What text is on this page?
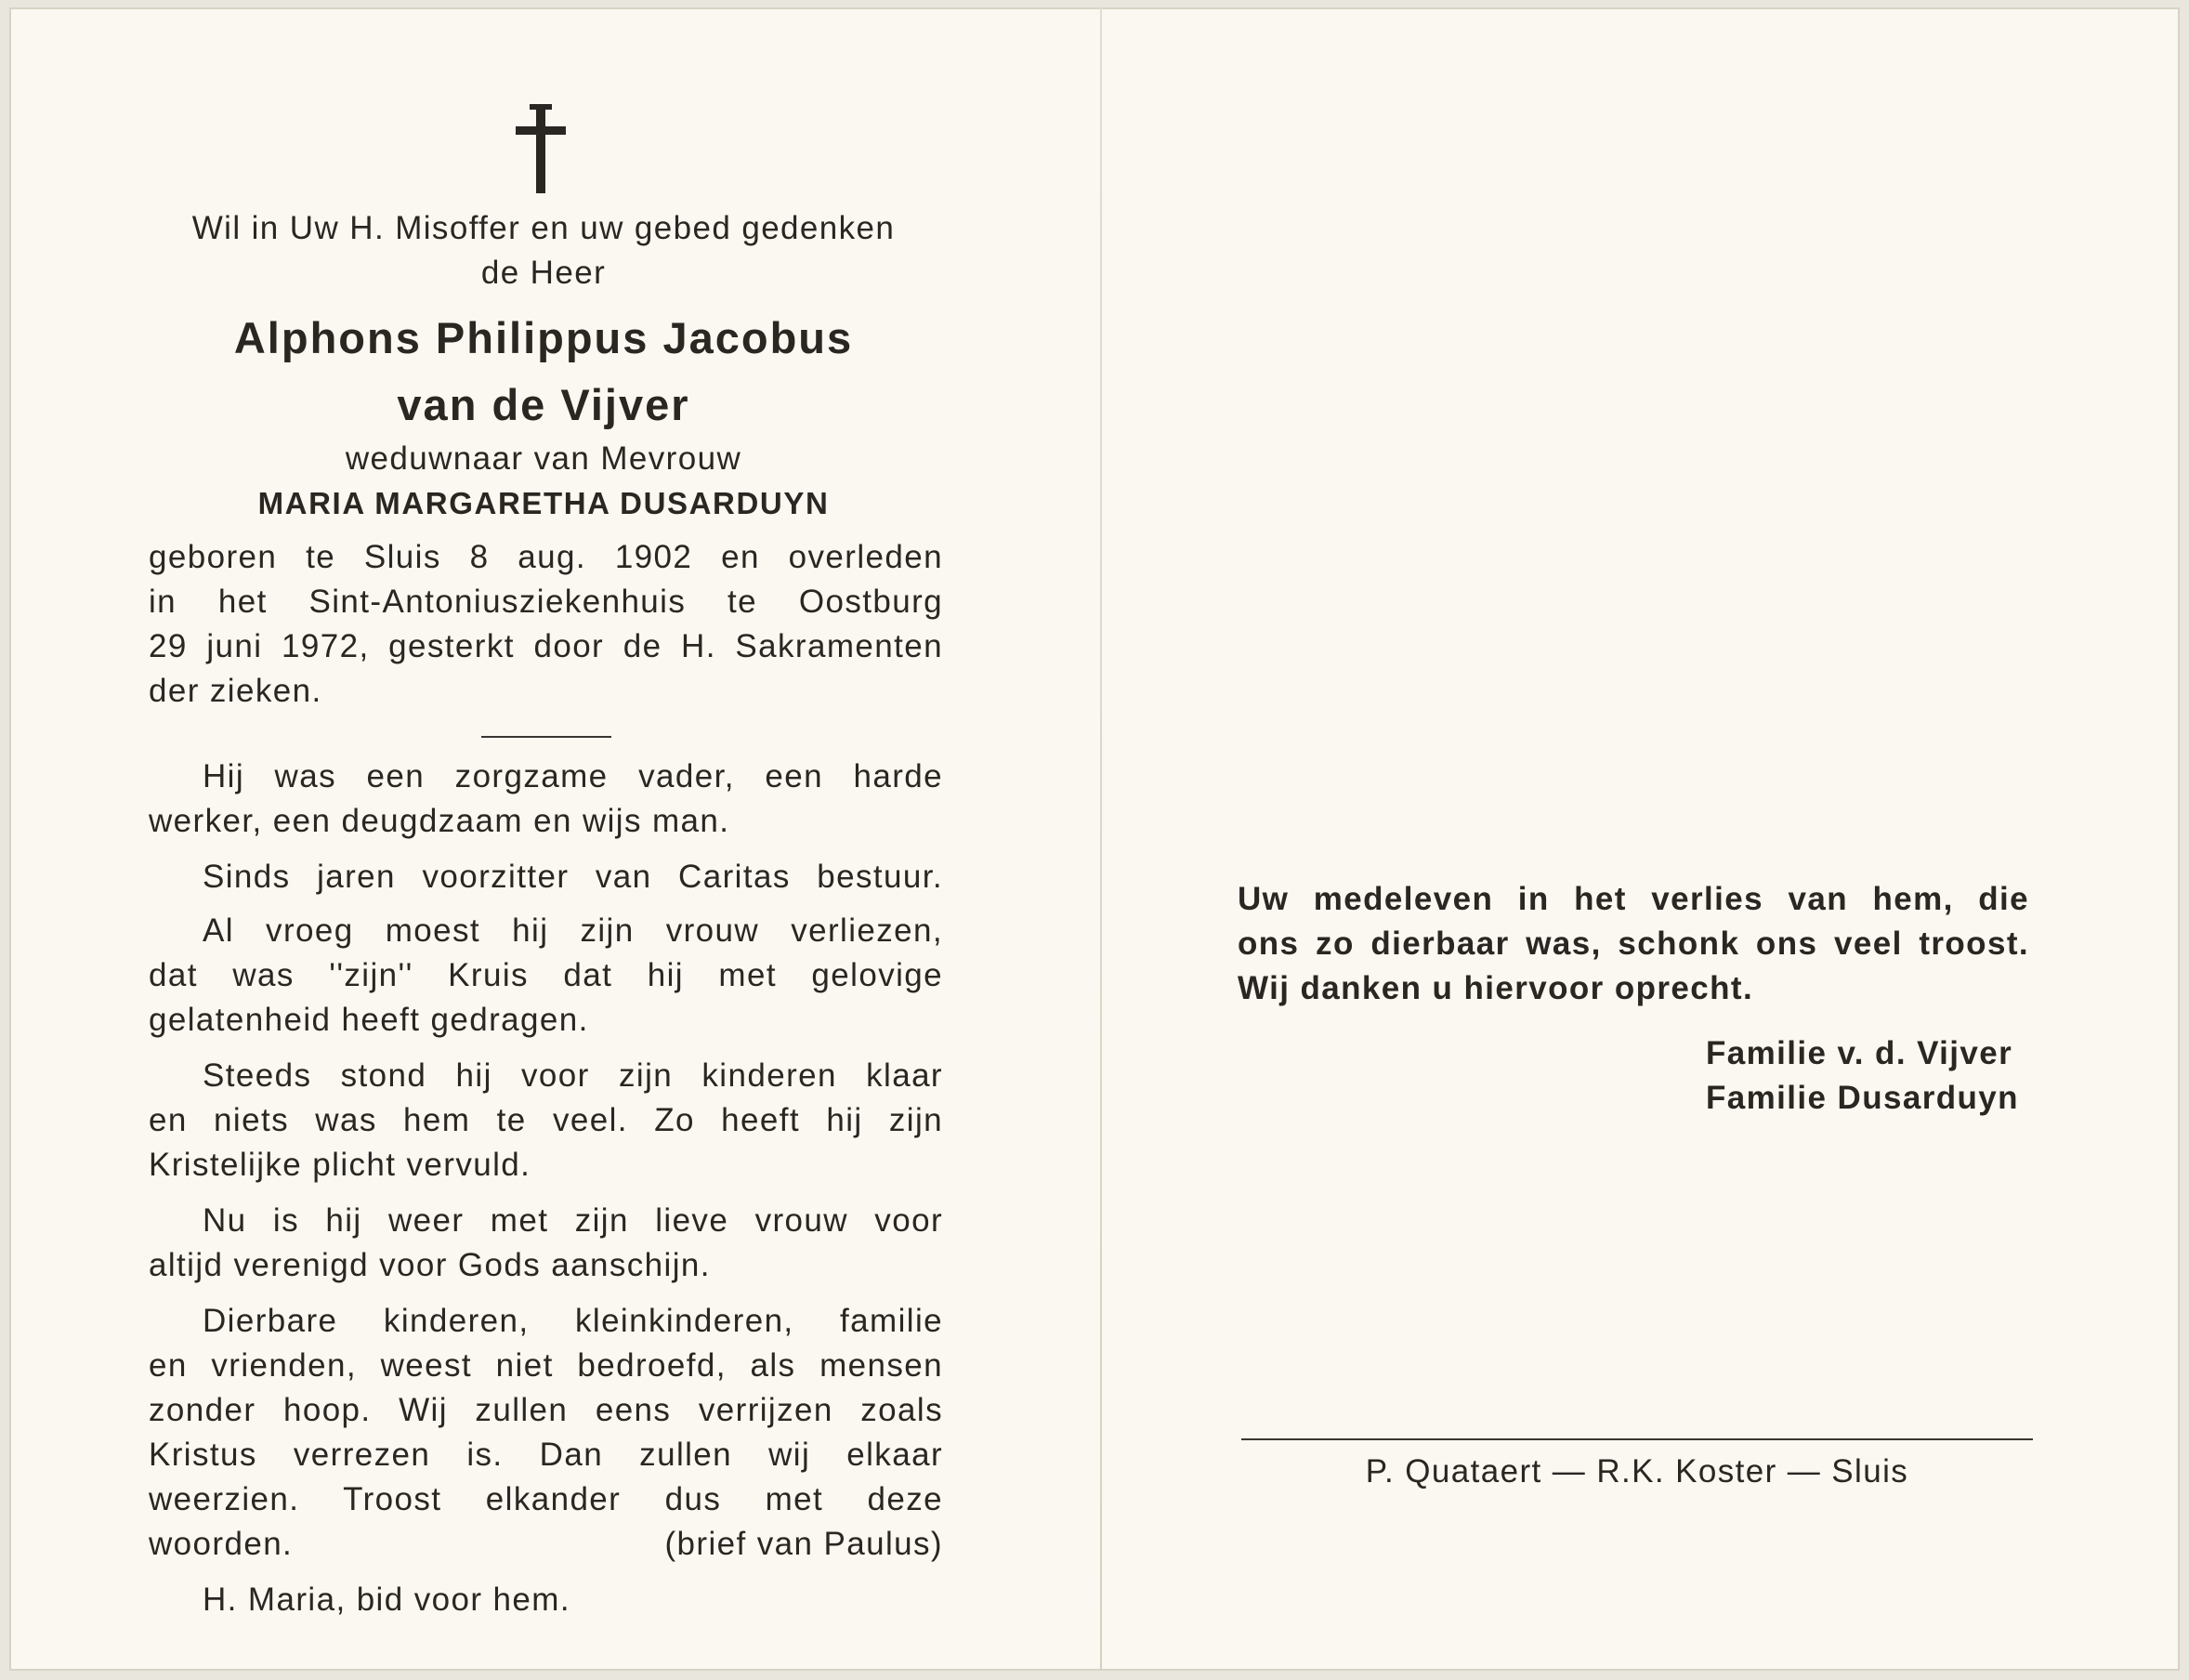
Wil in Uw H. Misoffer en uw gebed gedenken
de Heer
Alphons Philippus Jacobus
van de Vijver
weduwnaar van Mevrouw
MARIA MARGARETHA DUSARDUYN
geboren te Sluis 8 aug. 1902 en overleden
in het Sint-Antoniusziekenhuis te Oostburg
29 juni 1972, gesterkt door de H. Sakramenten
der zieken.
Hij was een zorgzame vader, een harde
werker, een deugdzaam en wijs man.
Sinds jaren voorzitter van Caritas bestuur.
Al vroeg moest hij zijn vrouw verliezen,
dat was ''zijn'' Kruis dat hij met gelovige
gelatenheid heeft gedragen.
Steeds stond hij voor zijn kinderen klaar
en niets was hem te veel. Zo heeft hij zijn
Kristelijke plicht vervuld.
Nu is hij weer met zijn lieve vrouw voor
altijd verenigd voor Gods aanschijn.
Dierbare kinderen, kleinkinderen, familie
en vrienden, weest niet bedroefd, als mensen
zonder hoop. Wij zullen eens verrijzen zoals
Kristus verrezen is. Dan zullen wij elkaar
weerzien. Troost elkander dus met deze
woorden.	(brief van Paulus)
H. Maria, bid voor hem.
Uw medeleven in het verlies van hem, die
ons zo dierbaar was, schonk ons veel troost.
Wij danken u hiervoor oprecht.
Familie v. d. Vijver
Familie Dusarduyn
P. Quataert — R.K. Koster — Sluis
